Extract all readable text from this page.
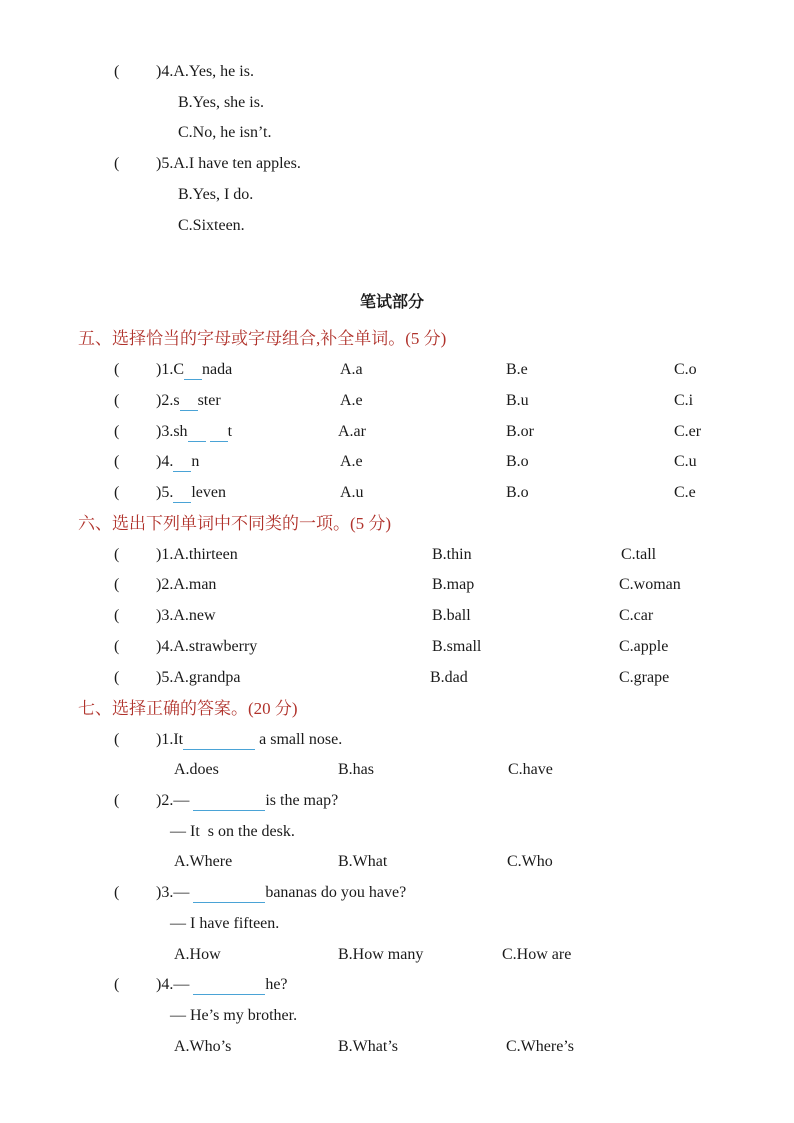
( )4.A.Yes, he is.
B.Yes, she is.
C.No, he isn’t.
( )5.A.I have ten apples.
B.Yes, I do.
C.Sixteen.
笔试部分
五、选择恰当的字母或字母组合,补全单词。(5 分)
( )1.C nada	A.a	B.e	C.o
( )2.s ster	A.e	B.u	C.i
( )3.sh	t	A.ar	B.or	C.er
( )4. n	A.e	B.o	C.u
( )5. leven	A.u	B.o	C.e
六、选出下列单词中不同类的一项。(5 分)
( )1.A.thirteen	B.thin	C.tall
( )2.A.man	B.map	C.woman
( )3.A.new	B.ball	C.car
( )4.A.strawberry	B.small	C.apple
( )5.A.grandpa	B.dad	C.grape
七、选择正确的答案。(20 分)
( )1.It	a small nose.
A.does	B.has	C.have
( )2.—	is the map?
— It  s on the desk.
A.Where	B.What	C.Who
( )3.—	bananas do you have?
— I have fifteen.
A.How	B.How many	C.How are
( )4.—	he?
— He’s my brother.
A.Who’s	B.What’s	C.Where’s
